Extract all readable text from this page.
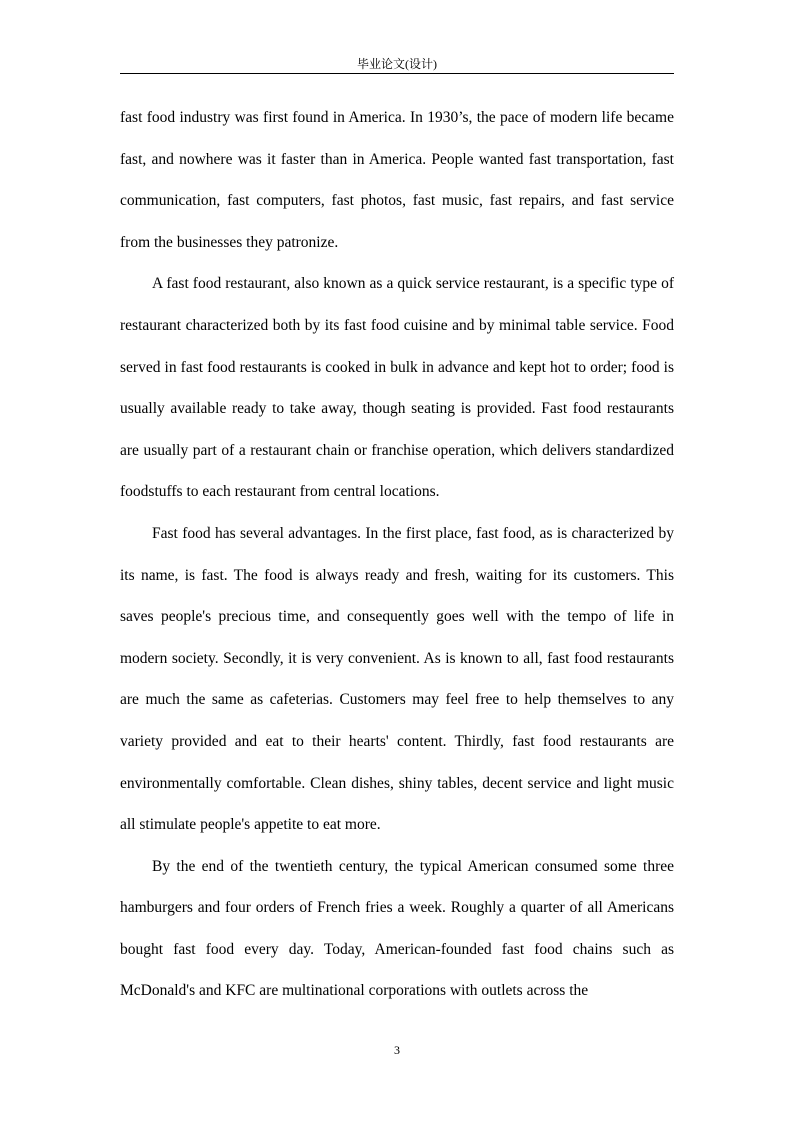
毕业论文(设计)

fast food industry was first found in America. In 1930’s, the pace of modern life became fast, and nowhere was it faster than in America. People wanted fast transportation, fast communication, fast computers, fast photos, fast music, fast repairs, and fast service from the businesses they patronize.

A fast food restaurant, also known as a quick service restaurant, is a specific type of restaurant characterized both by its fast food cuisine and by minimal table service. Food served in fast food restaurants is cooked in bulk in advance and kept hot to order; food is usually available ready to take away, though seating is provided. Fast food restaurants are usually part of a restaurant chain or franchise operation, which delivers standardized foodstuffs to each restaurant from central locations.

Fast food has several advantages. In the first place, fast food, as is characterized by its name, is fast. The food is always ready and fresh, waiting for its customers. This saves people's precious time, and consequently goes well with the tempo of life in modern society. Secondly, it is very convenient. As is known to all, fast food restaurants are much the same as cafeterias. Customers may feel free to help themselves to any variety provided and eat to their hearts' content. Thirdly, fast food restaurants are environmentally comfortable. Clean dishes, shiny tables, decent service and light music all stimulate people's appetite to eat more.

By the end of the twentieth century, the typical American consumed some three hamburgers and four orders of French fries a week. Roughly a quarter of all Americans bought fast food every day. Today, American-founded fast food chains such as McDonald's and KFC are multinational corporations with outlets across the

3
